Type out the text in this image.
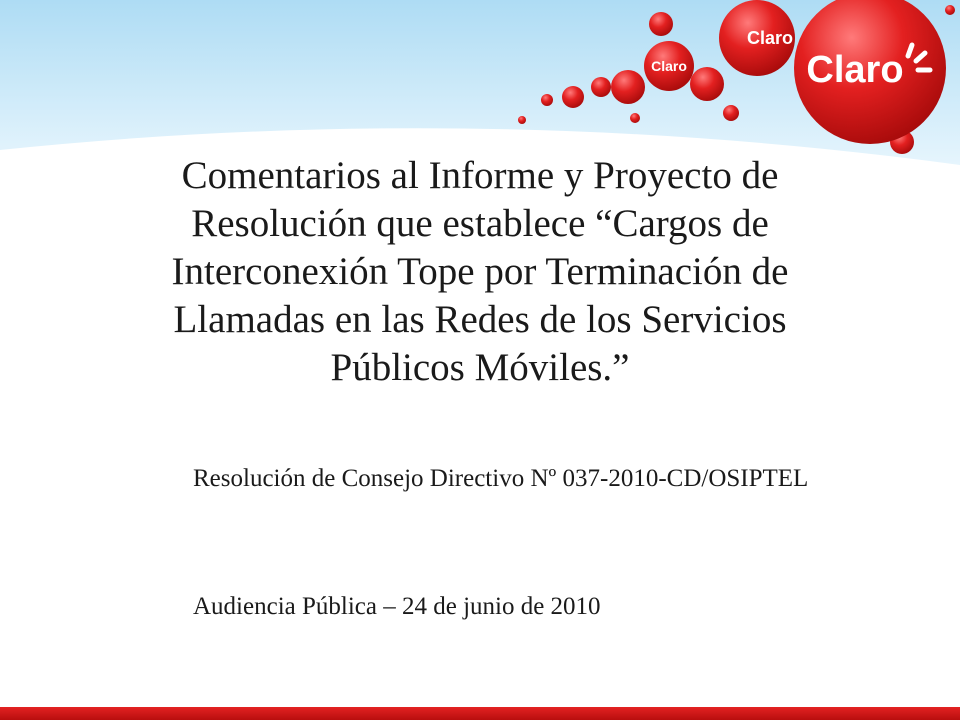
Claro
Claro
Claro
Comentarios al Informe y Proyecto de Resolución que establece “Cargos de Interconexión Tope por Terminación de Llamadas en las Redes de los Servicios Públicos Móviles.”

Resolución de Consejo Directivo Nº 037-2010-CD/OSIPTEL

Audiencia Pública – 24 de junio de 2010
